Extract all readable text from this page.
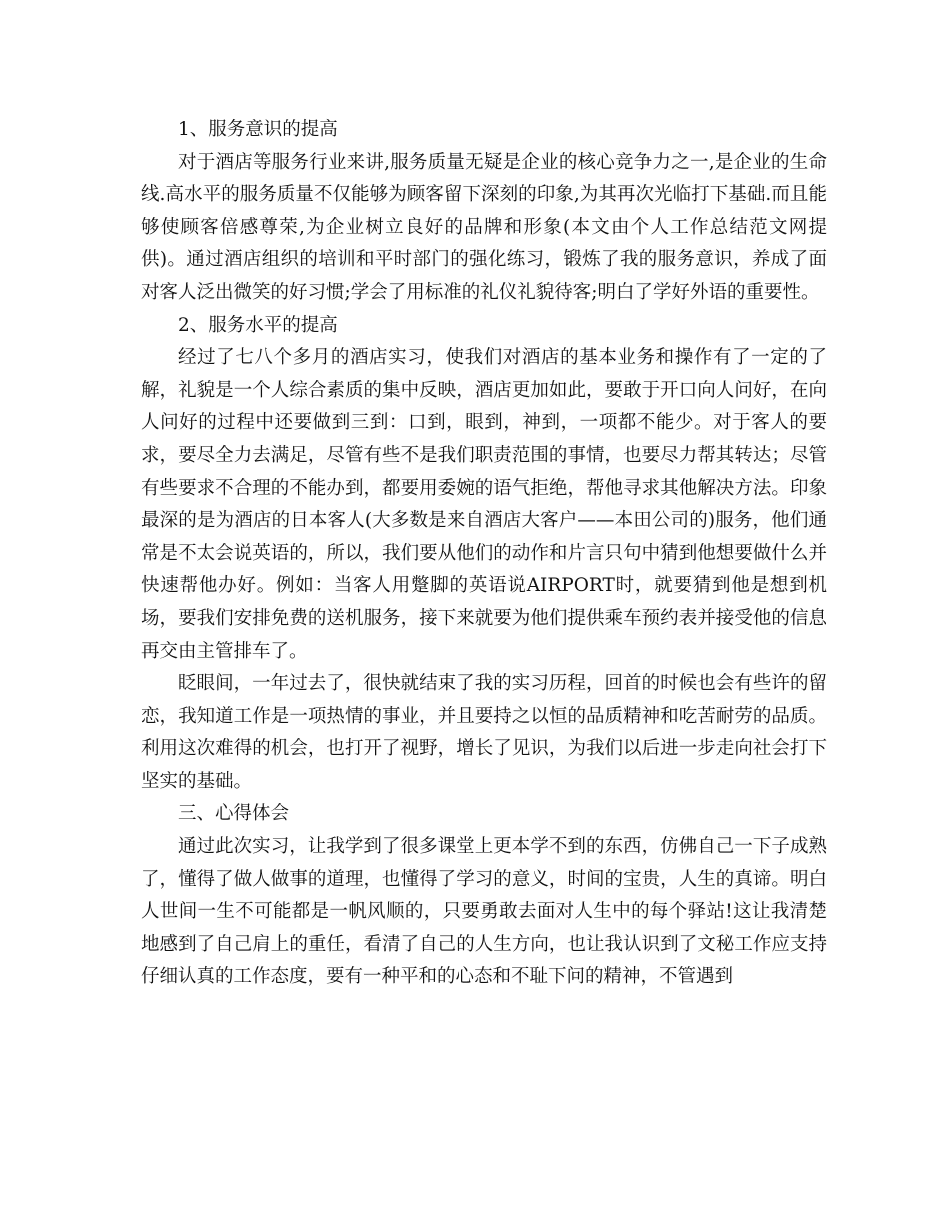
1、服务意识的提高

对于酒店等服务行业来讲,服务质量无疑是企业的核心竞争力之一,是企业的生命线.高水平的服务质量不仅能够为顾客留下深刻的印象,为其再次光临打下基础.而且能够使顾客倍感尊荣,为企业树立良好的品牌和形象(本文由个人工作总结范文网提供)。通过酒店组织的培训和平时部门的强化练习，锻炼了我的服务意识，养成了面对客人泛出微笑的好习惯;学会了用标准的礼仪礼貌待客;明白了学好外语的重要性。

2、服务水平的提高

经过了七八个多月的酒店实习，使我们对酒店的基本业务和操作有了一定的了解，礼貌是一个人综合素质的集中反映，酒店更加如此，要敢于开口向人问好，在向人问好的过程中还要做到三到：口到，眼到，神到，一项都不能少。对于客人的要求，要尽全力去满足，尽管有些不是我们职责范围的事情，也要尽力帮其转达；尽管有些要求不合理的不能办到，都要用委婉的语气拒绝，帮他寻求其他解决方法。印象最深的是为酒店的日本客人(大多数是来自酒店大客户——本田公司的)服务，他们通常是不太会说英语的，所以，我们要从他们的动作和片言只句中猜到他想要做什么并快速帮他办好。例如：当客人用蹩脚的英语说AIRPORT时，就要猜到他是想到机场，要我们安排免费的送机服务，接下来就要为他们提供乘车预约表并接受他的信息再交由主管排车了。

眨眼间，一年过去了，很快就结束了我的实习历程，回首的时候也会有些许的留恋，我知道工作是一项热情的事业，并且要持之以恒的品质精神和吃苦耐劳的品质。利用这次难得的机会，也打开了视野，增长了见识，为我们以后进一步走向社会打下坚实的基础。

三、心得体会

通过此次实习，让我学到了很多课堂上更本学不到的东西，仿佛自己一下子成熟了，懂得了做人做事的道理，也懂得了学习的意义，时间的宝贵，人生的真谛。明白人世间一生不可能都是一帆风顺的，只要勇敢去面对人生中的每个驿站!这让我清楚地感到了自己肩上的重任，看清了自己的人生方向，也让我认识到了文秘工作应支持仔细认真的工作态度，要有一种平和的心态和不耻下问的精神，不管遇到
